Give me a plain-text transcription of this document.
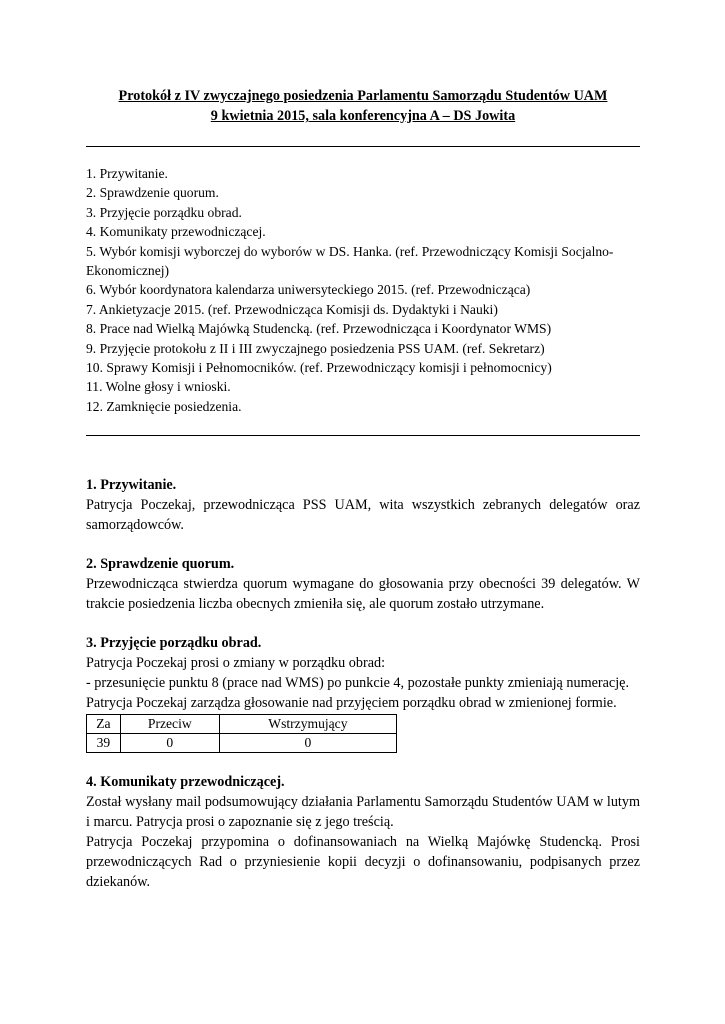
Protokół z IV zwyczajnego posiedzenia Parlamentu Samorządu Studentów UAM
9 kwietnia 2015, sala konferencyjna A – DS Jowita
1. Przywitanie.
2. Sprawdzenie quorum.
3. Przyjęcie porządku obrad.
4. Komunikaty przewodniczącej.
5. Wybór komisji wyborczej do wyborów w DS. Hanka. (ref. Przewodniczący Komisji Socjalno-
Ekonomicznej)
6. Wybór koordynatora kalendarza uniwersyteckiego 2015. (ref. Przewodnicząca)
7. Ankietyzacje 2015. (ref. Przewodnicząca Komisji ds. Dydaktyki i Nauki)
8. Prace nad Wielką Majówką Studencką. (ref. Przewodnicząca i Koordynator WMS)
9. Przyjęcie protokołu z II i III zwyczajnego posiedzenia PSS UAM. (ref. Sekretarz)
10. Sprawy Komisji i Pełnomocników. (ref. Przewodniczący komisji i pełnomocnicy)
11. Wolne głosy i wnioski.
12. Zamknięcie posiedzenia.
1. Przywitanie.
Patrycja Poczekaj, przewodnicząca PSS UAM, wita wszystkich zebranych delegatów oraz samorządowców.
2. Sprawdzenie quorum.
Przewodnicząca stwierdza quorum wymagane do głosowania przy obecności 39 delegatów. W trakcie posiedzenia liczba obecnych zmieniła się, ale quorum zostało utrzymane.
3. Przyjęcie porządku obrad.
Patrycja Poczekaj prosi o zmiany w porządku obrad:
- przesunięcie punktu 8 (prace nad WMS) po punkcie 4, pozostałe punkty zmieniają numerację.
Patrycja Poczekaj zarządza głosowanie nad przyjęciem porządku obrad w zmienionej formie.
Za	Przeciw	Wstrzymujący
39	0	0
4. Komunikaty przewodniczącej.
Został wysłany mail podsumowujący działania Parlamentu Samorządu Studentów UAM w lutym i marcu. Patrycja prosi o zapoznanie się z jego treścią.
Patrycja Poczekaj przypomina o dofinansowaniach na Wielką Majówkę Studencką. Prosi przewodniczących Rad o przyniesienie kopii decyzji o dofinansowaniu, podpisanych przez dziekanów.
